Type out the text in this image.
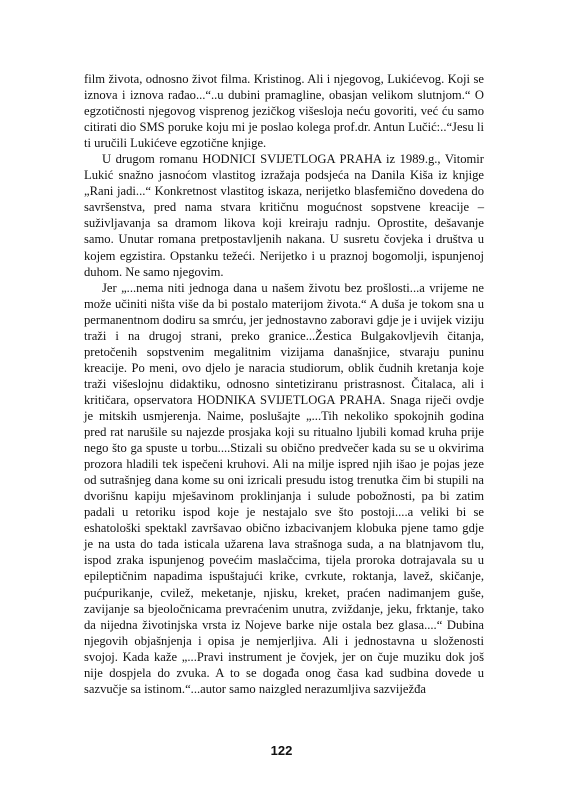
film života, odnosno život filma. Kristinog. Ali i njegovog, Lukićevog. Koji se iznova i iznova rađao...“..u dubini pramagline, obasjan velikom slutnjom.“ O egzotičnosti njegovog visprenog jezičkog višesloja neću govoriti, već ću samo citirati dio SMS poruke koju mi je poslao kolega prof.dr. Antun Lučić:..“Jesu li ti uručili Lukićeve egzotične knjige.

U drugom romanu HODNICI SVIJETLOGA PRAHA iz 1989.g., Vitomir Lukić snažno jasnoćom vlastitog izražaja podsjeća na Danila Kiša iz knjige „Rani jadi...“ Konkretnost vlastitog iskaza, nerijetko blasfemično dovedena do savršenstva, pred nama stvara kritičnu mogućnost sopstvene kreacije – suživljavanja sa dramom likova koji kreiraju radnju. Oprostite, dešavanje samo. Unutar romana pretpostavljenih nakana. U susretu čovjeka i društva u kojem egzistira. Opstanku težeći. Nerijetko i u praznoj bogomolji, ispunjenoj duhom. Ne samo njegovim.

Jer „...nema niti jednoga dana u našem životu bez prošlosti...a vrijeme ne može učiniti ništa više da bi postalo materijom života.“ A duša je tokom sna u permanentnom dodiru sa smrću, jer jednostavno zaboravi gdje je i uvijek viziju traži i na drugoj strani, preko granice...Žestica Bulgakovljevih čitanja, pretočenih sopstvenim megalitnim vizijama današnjice, stvaraju puninu kreacije. Po meni, ovo djelo je naracia studiorum, oblik čudnih kretanja koje traži višeslojnu didaktiku, odnosno sintetiziranu pristrasnost. Čitalaca, ali i kritičara, opservatora HODNIKA SVIJETLOGA PRAHA. Snaga riječi ovdje je mitskih usmjerenja. Naime, poslušajte „...Tih nekoliko spokojnih godina pred rat narušile su najezde prosjaka koji su ritualno ljubili komad kruha prije nego što ga spuste u torbu....Stizali su obično predvečer kada su se u okvirima prozora hladili tek ispečeni kruhovi. Ali na milje ispred njih išao je pojas jeze od sutrašnjeg dana kome su oni izricali presudu istog trenutka čim bi stupili na dvorišnu kapiju mješavinom proklinjanja i sulude pobožnosti, pa bi zatim padali u retoriku ispod koje je nestajalo sve što postoji....a veliki bi se eshatološki spektakl završavao obično izbacivanjem klobuka pjene tamo gdje je na usta do tada isticala užarena lava strašnoga suda, a na blatnjavom tlu, ispod zraka ispunjenog povećim maslačcima, tijela proroka dotrajavala su u epileptičnim napadima ispuštajući krike, cvrkute, roktanja, lavež, skičanje, pućpurikanje, cvilež, meketanje, njisku, kreket, praćen nadimanjem guše, zavijanje sa bjeoločnicama prevraćenim unutra, zviždanje, jeku, frktanje, tako da nijedna životinjska vrsta iz Nojeve barke nije ostala bez glasa....“ Dubina njegovih objašnjenja i opisa je nemjerljiva. Ali i jednostavna u složenosti svojoj. Kada kaže „...Pravi instrument je čovjek, jer on čuje muziku dok još nije dospjela do zvuka. A to se događa onog časa kad sudbina dovede u sazvučje sa istinom.“...autor samo naizgled nerazumljiva sazviježđa

122
